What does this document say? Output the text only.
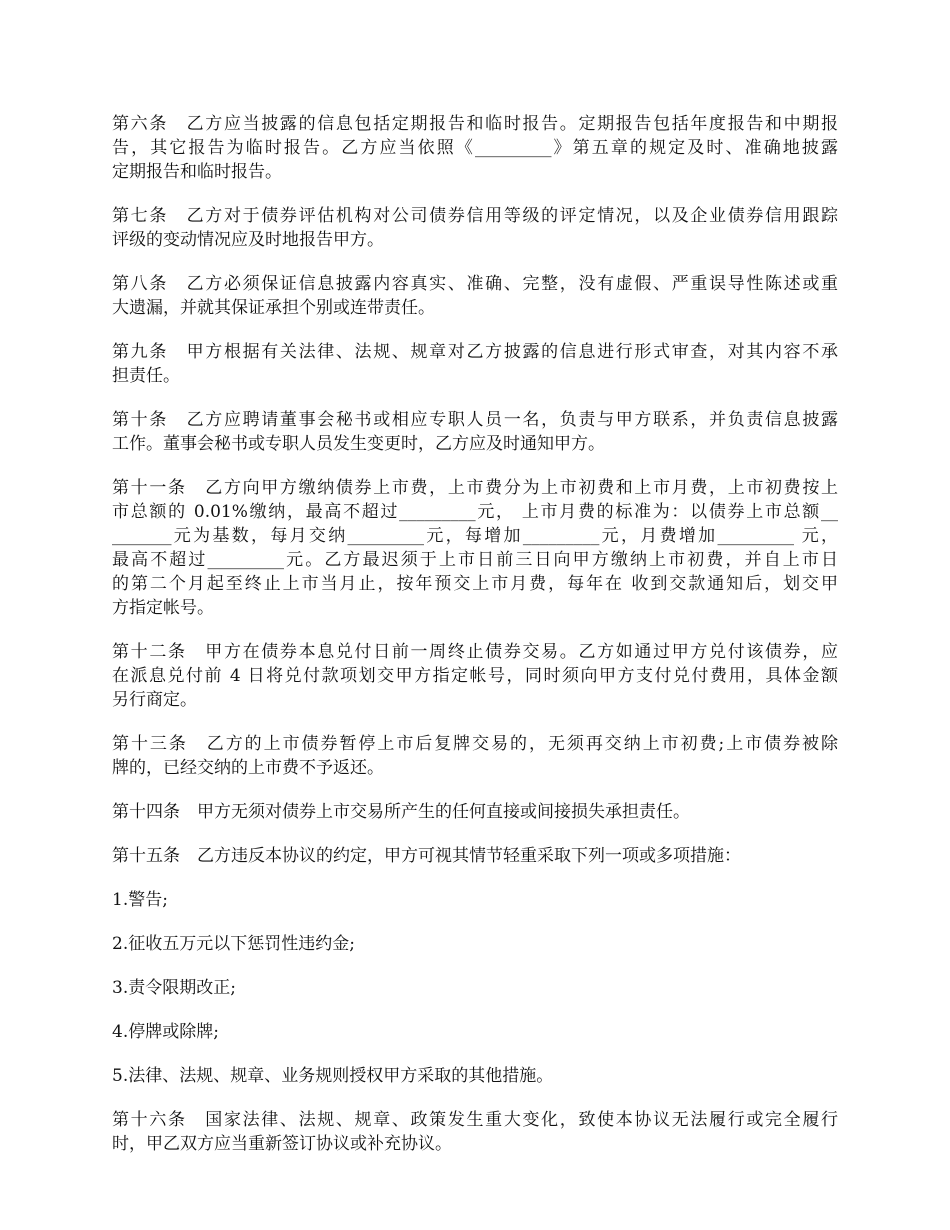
第六条　乙方应当披露的信息包括定期报告和临时报告。定期报告包括年度报告和中期报
告，其它报告为临时报告。乙方应当依照《_________》第五章的规定及时、准确地披露
定期报告和临时报告。

第七条　乙方对于债券评估机构对公司债券信用等级的评定情况，以及企业债券信用跟踪
评级的变动情况应及时地报告甲方。

第八条　乙方必须保证信息披露内容真实、准确、完整，没有虚假、严重误导性陈述或重
大遗漏，并就其保证承担个别或连带责任。

第九条　甲方根据有关法律、法规、规章对乙方披露的信息进行形式审查，对其内容不承
担责任。

第十条　乙方应聘请董事会秘书或相应专职人员一名，负责与甲方联系，并负责信息披露
工作。董事会秘书或专职人员发生变更时，乙方应及时通知甲方。

第十一条　乙方向甲方缴纳债券上市费，上市费分为上市初费和上市月费，上市初费按上
市总额的 0.01%缴纳，最高不超过_________元， 上市月费的标准为：以债券上市总额__
_______元为基数，每月交纳_________元，每增加_________元，月费增加_________ 元，
最高不超过_________元。乙方最迟须于上市日前三日向甲方缴纳上市初费，并自上市日
的第二个月起至终止上市当月止，按年预交上市月费，每年在 收到交款通知后，划交甲
方指定帐号。

第十二条　甲方在债券本息兑付日前一周终止债券交易。乙方如通过甲方兑付该债券，应
在派息兑付前 4 日将兑付款项划交甲方指定帐号，同时须向甲方支付兑付费用，具体金额
另行商定。

第十三条　乙方的上市债券暂停上市后复牌交易的，无须再交纳上市初费;上市债券被除
牌的，已经交纳的上市费不予返还。

第十四条　甲方无须对债券上市交易所产生的任何直接或间接损失承担责任。

第十五条　乙方违反本协议的约定，甲方可视其情节轻重采取下列一项或多项措施：

1.警告;

2.征收五万元以下惩罚性违约金;

3.责令限期改正;

4.停牌或除牌;

5.法律、法规、规章、业务规则授权甲方采取的其他措施。

第十六条　国家法律、法规、规章、政策发生重大变化，致使本协议无法履行或完全履行
时，甲乙双方应当重新签订协议或补充协议。
